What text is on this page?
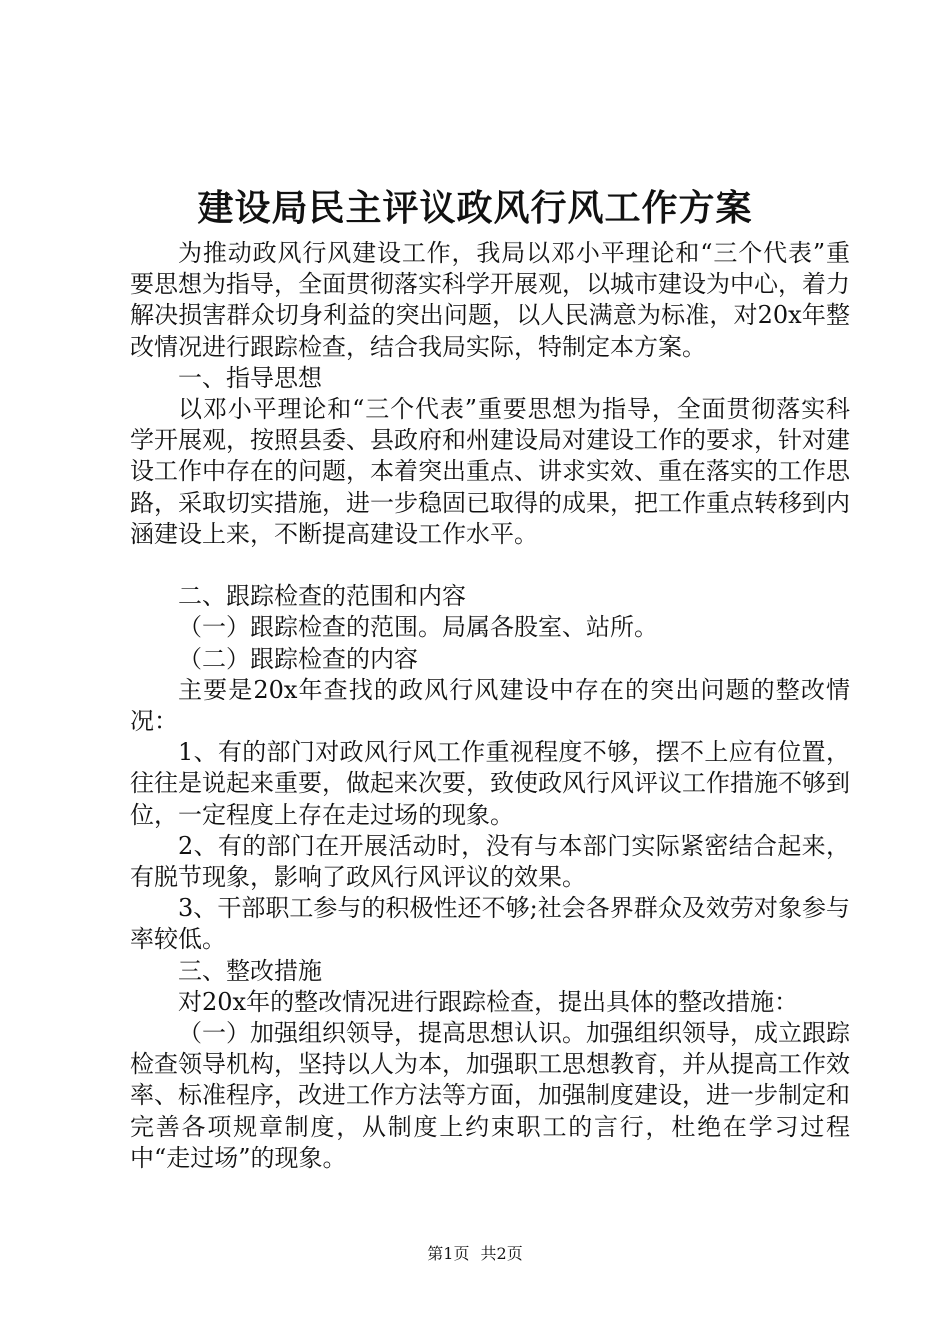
建设局民主评议政风行风工作方案

为推动政风行风建设工作，我局以邓小平理论和“三个代表”重要思想为指导，全面贯彻落实科学开展观，以城市建设为中心，着力解决损害群众切身利益的突出问题，以人民满意为标准，对20x年整改情况进行跟踪检查，结合我局实际，特制定本方案。

一、指导思想

以邓小平理论和“三个代表”重要思想为指导，全面贯彻落实科学开展观，按照县委、县政府和州建设局对建设工作的要求，针对建设工作中存在的问题，本着突出重点、讲求实效、重在落实的工作思路，采取切实措施，进一步稳固已取得的成果，把工作重点转移到内涵建设上来，不断提高建设工作水平。

二、跟踪检查的范围和内容

（一）跟踪检查的范围。局属各股室、站所。

（二）跟踪检查的内容

主要是20x年查找的政风行风建设中存在的突出问题的整改情况：

1、有的部门对政风行风工作重视程度不够，摆不上应有位置，往往是说起来重要，做起来次要，致使政风行风评议工作措施不够到位，一定程度上存在走过场的现象。

2、有的部门在开展活动时，没有与本部门实际紧密结合起来，有脱节现象，影响了政风行风评议的效果。

3、干部职工参与的积极性还不够;社会各界群众及效劳对象参与率较低。

三、整改措施

对20x年的整改情况进行跟踪检查，提出具体的整改措施：

（一）加强组织领导，提高思想认识。加强组织领导，成立跟踪检查领导机构，坚持以人为本，加强职工思想教育，并从提高工作效率、标准程序，改进工作方法等方面，加强制度建设，进一步制定和完善各项规章制度，从制度上约束职工的言行，杜绝在学习过程中“走过场”的现象。

第1页 共2页
